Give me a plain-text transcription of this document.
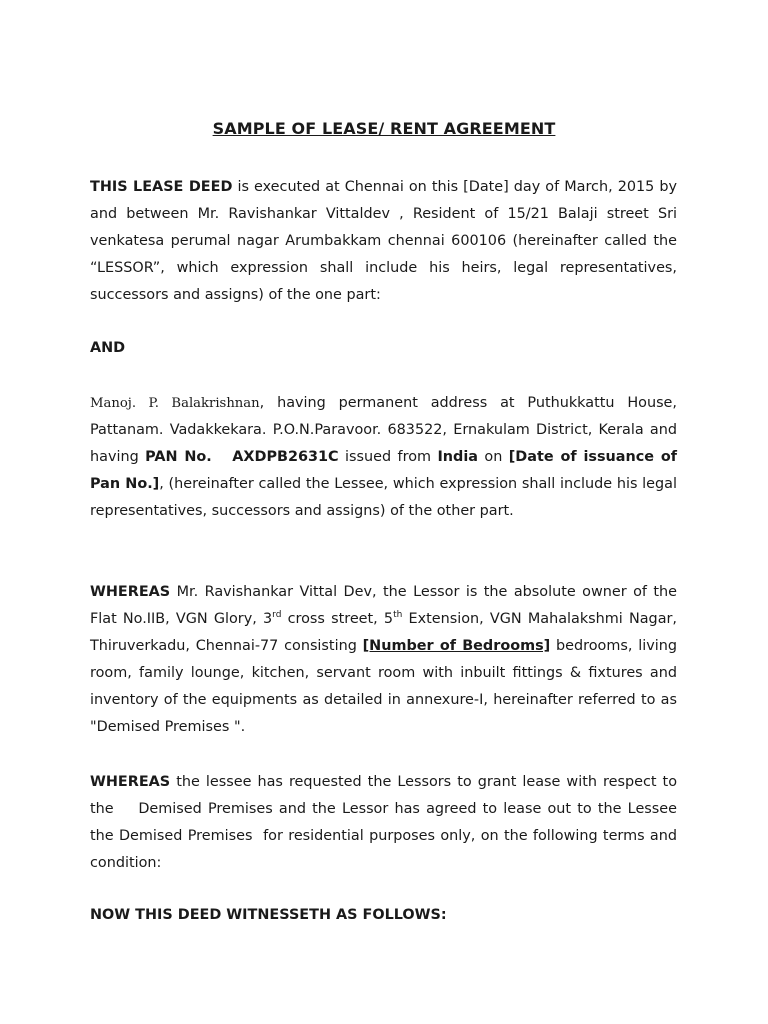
SAMPLE OF LEASE/ RENT AGREEMENT
THIS LEASE DEED is executed at Chennai on this [Date] day of March, 2015 by and between Mr. Ravishankar Vittaldev , Resident of 15/21 Balaji street Sri venkatesa perumal nagar Arumbakkam chennai 600106 (hereinafter called the “LESSOR”, which expression shall include his heirs, legal representatives, successors and assigns) of the one part:
AND
Manoj. P. Balakrishnan, having permanent address at Puthukkattu House, Pattanam. Vadakkekara. P.O.N.Paravoor. 683522, Ernakulam District, Kerala and having PAN No.   AXDPB2631C issued from India on [Date of issuance of Pan No.], (hereinafter called the Lessee, which expression shall include his legal representatives, successors and assigns) of the other part.
WHEREAS Mr. Ravishankar Vittal Dev, the Lessor is the absolute owner of the Flat No.IIB, VGN Glory, 3rd cross street, 5th Extension, VGN Mahalakshmi Nagar, Thiruverkadu, Chennai-77 consisting [Number of Bedrooms] bedrooms, living room, family lounge, kitchen, servant room with inbuilt fittings & fixtures and inventory of the equipments as detailed in annexure-I, hereinafter referred to as "Demised Premises ".
WHEREAS the lessee has requested the Lessors to grant lease with respect to the    Demised Premises and the Lessor has agreed to lease out to the Lessee the Demised Premises  for residential purposes only, on the following terms and condition:
NOW THIS DEED WITNESSETH AS FOLLOWS:
